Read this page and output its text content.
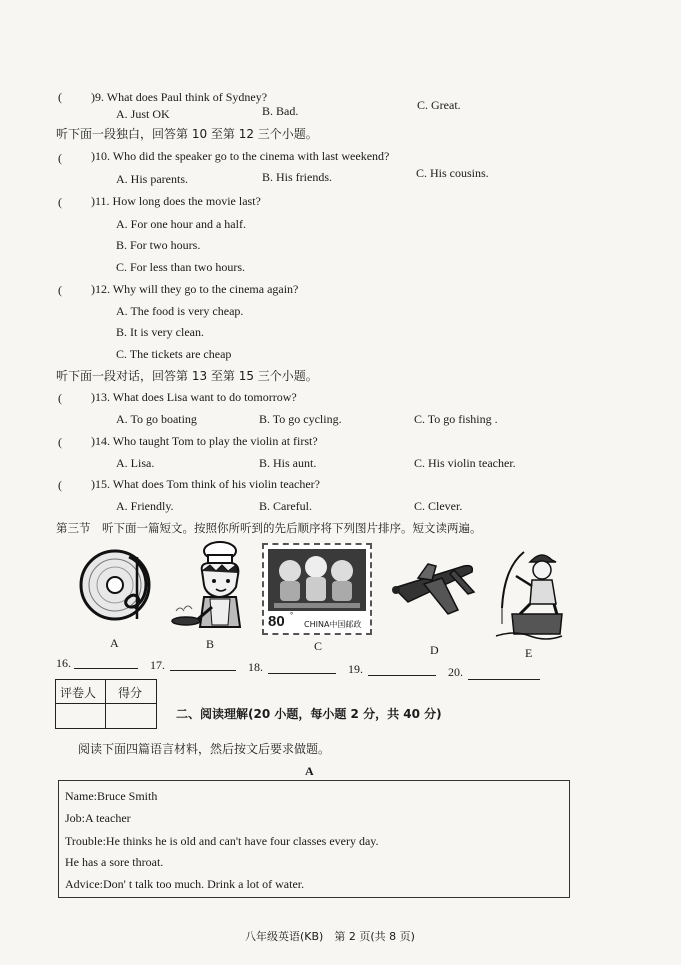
( )9. What does Paul think of Sydney?
A. Just OK	B. Bad.	C. Great.
听下面一段独白，回答第 10 至第 12 三个小题。
( )10. Who did the speaker go to the cinema with last weekend?
A. His parents.	B. His friends.	C. His cousins.
( )11. How long does the movie last?
A. For one hour and a half.
B. For two hours.
C. For less than two hours.
( )12. Why will they go to the cinema again?
A. The food is very cheap.
B. It is very clean.
C. The tickets are cheap
听下面一段对话，回答第 13 至第 15 三个小题。
( )13. What does Lisa want to do tomorrow?
A. To go boating	B. To go cycling.	C. To go fishing .
( )14. Who taught Tom to play the violin at first?
A. Lisa.	B. His aunt.	C. His violin teacher.
( )15. What does Tom think of his violin teacher?
A. Friendly.	B. Careful.	C. Clever.
第三节　听下面一篇短文。按照你所听到的先后顺序将下列图片排序。短文读两遍。
A	B
80 °
CHINA中国邮政
C	D	E
16.	17.	18.	19.	20.
评卷人 得分
二、阅读理解(20 小题，每小题 2 分，共 40 分)
阅读下面四篇语言材料，然后按文后要求做题。
A
Name:Bruce Smith
Job:A teacher
Trouble:He thinks he is old and can't have four classes every day.
He has a sore throat.
Advice:Don' t talk too much. Drink a lot of water.
八年级英语(KB)　第 2 页(共 8 页)
